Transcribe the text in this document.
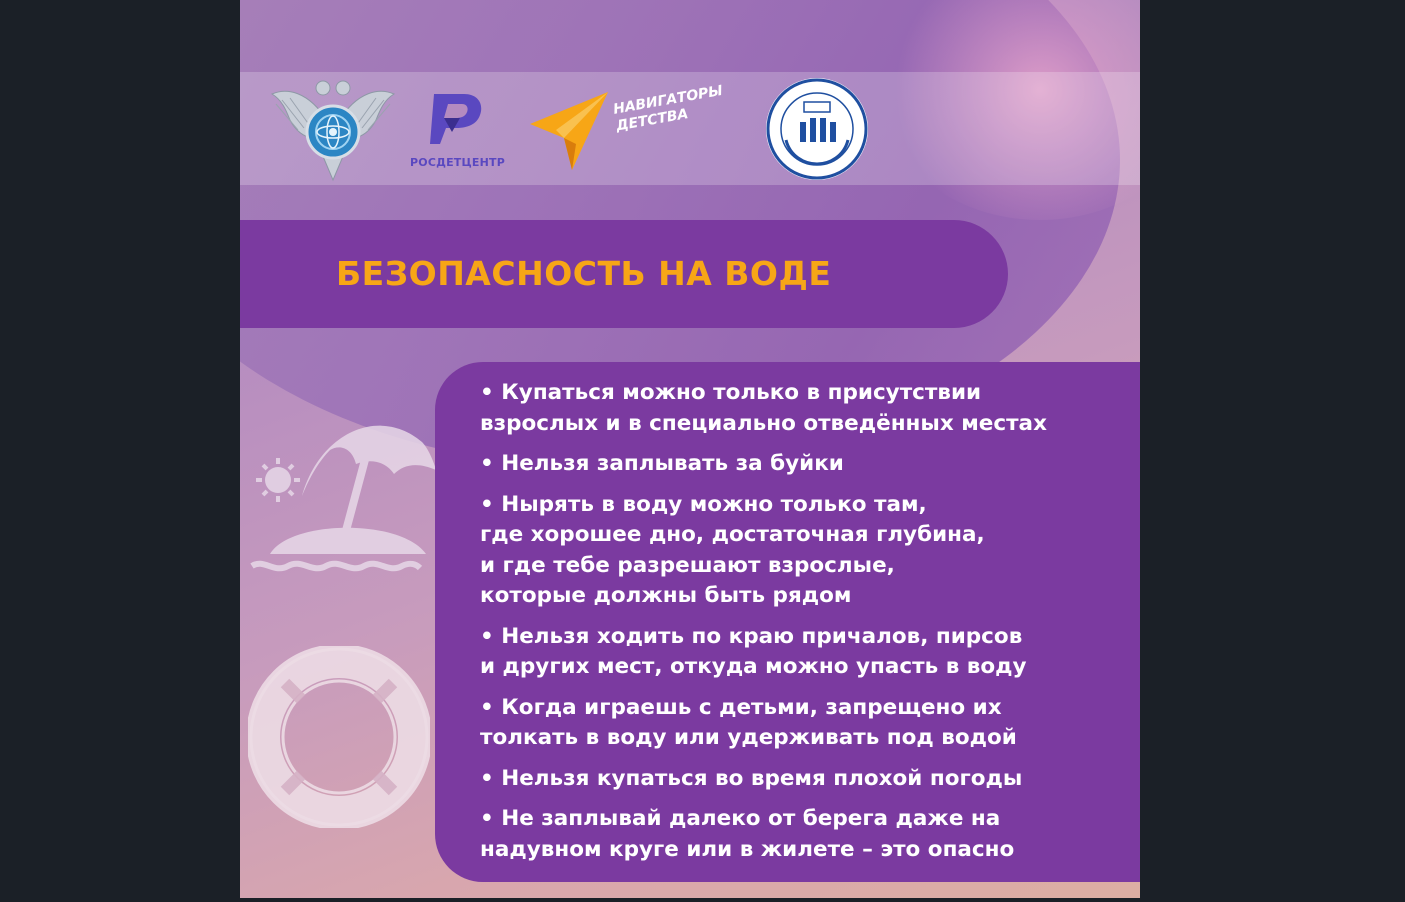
РОСДЕТЦЕНТР
НАВИГАТОРЫ
ДЕТСТВА
БЕЗОПАСНОСТЬ НА ВОДЕ
• Купаться можно только в присутствии
взрослых и в специально отведённых местах
• Нельзя заплывать за буйки
• Нырять в воду можно только там,
где хорошее дно, достаточная глубина,
и где тебе разрешают взрослые,
которые должны быть рядом
• Нельзя ходить по краю причалов, пирсов
и других мест, откуда можно упасть в воду
• Когда играешь с детьми, запрещено их
толкать в воду или удерживать под водой
• Нельзя купаться во время плохой погоды
• Не заплывай далеко от берега даже на
надувном круге или в жилете – это опасно
